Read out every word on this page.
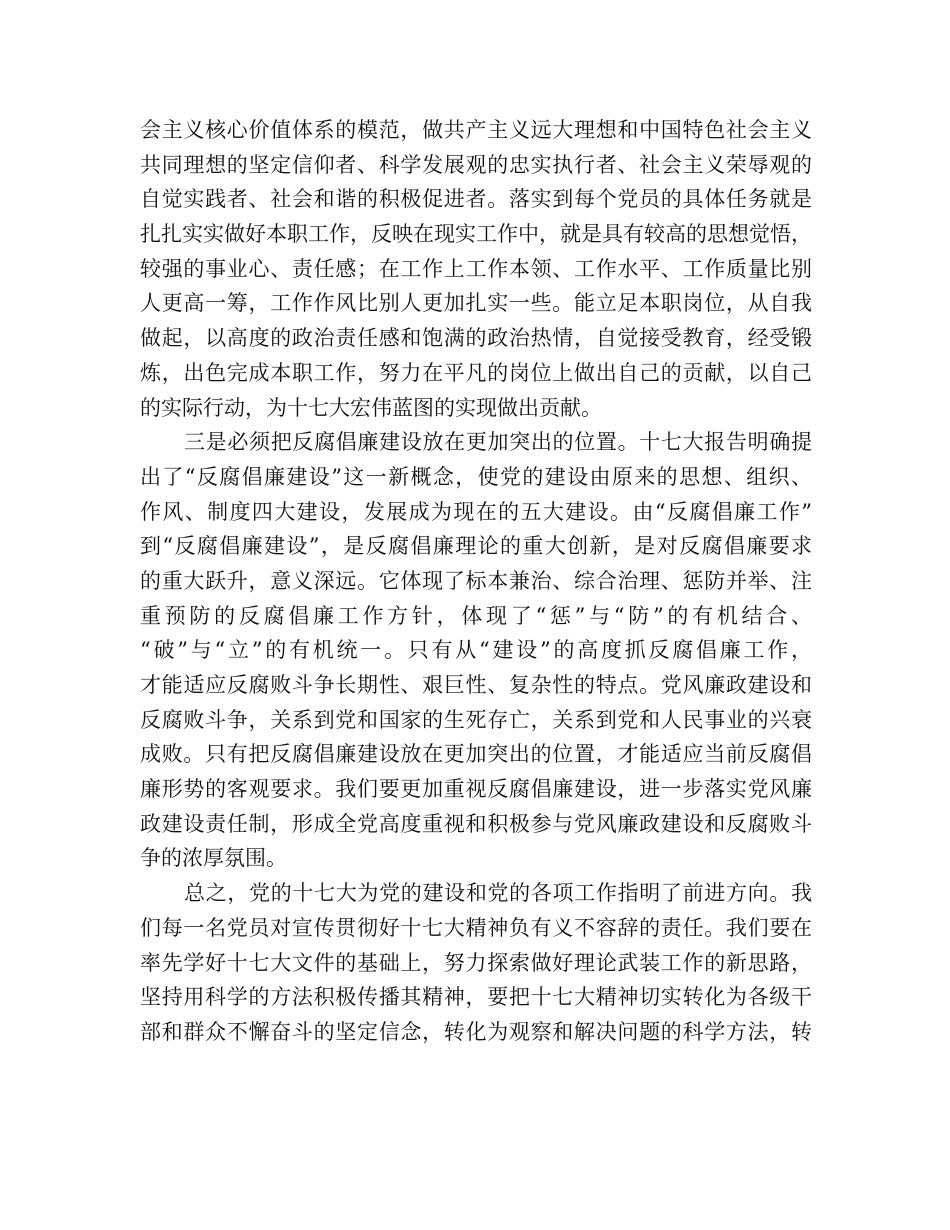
会主义核心价值体系的模范，做共产主义远大理想和中国特色社会主义
共同理想的坚定信仰者、科学发展观的忠实执行者、社会主义荣辱观的
自觉实践者、社会和谐的积极促进者。落实到每个党员的具体任务就是
扎扎实实做好本职工作，反映在现实工作中，就是具有较高的思想觉悟，
较强的事业心、责任感；在工作上工作本领、工作水平、工作质量比别
人更高一筹，工作作风比别人更加扎实一些。能立足本职岗位，从自我
做起，以高度的政治责任感和饱满的政治热情，自觉接受教育，经受锻
炼，出色完成本职工作，努力在平凡的岗位上做出自己的贡献，以自己
的实际行动，为十七大宏伟蓝图的实现做出贡献。
三是必须把反腐倡廉建设放在更加突出的位置。十七大报告明确提
出了“反腐倡廉建设”这一新概念，使党的建设由原来的思想、组织、
作风、制度四大建设，发展成为现在的五大建设。由“反腐倡廉工作”
到“反腐倡廉建设”，是反腐倡廉理论的重大创新，是对反腐倡廉要求
的重大跃升，意义深远。它体现了标本兼治、综合治理、惩防并举、注
重预防的反腐倡廉工作方针，体现了“惩”与“防”的有机结合、
“破”与“立”的有机统一。只有从“建设”的高度抓反腐倡廉工作，
才能适应反腐败斗争长期性、艰巨性、复杂性的特点。党风廉政建设和
反腐败斗争，关系到党和国家的生死存亡，关系到党和人民事业的兴衰
成败。只有把反腐倡廉建设放在更加突出的位置，才能适应当前反腐倡
廉形势的客观要求。我们要更加重视反腐倡廉建设，进一步落实党风廉
政建设责任制，形成全党高度重视和积极参与党风廉政建设和反腐败斗
争的浓厚氛围。
总之，党的十七大为党的建设和党的各项工作指明了前进方向。我
们每一名党员对宣传贯彻好十七大精神负有义不容辞的责任。我们要在
率先学好十七大文件的基础上，努力探索做好理论武装工作的新思路，
坚持用科学的方法积极传播其精神，要把十七大精神切实转化为各级干
部和群众不懈奋斗的坚定信念，转化为观察和解决问题的科学方法，转
